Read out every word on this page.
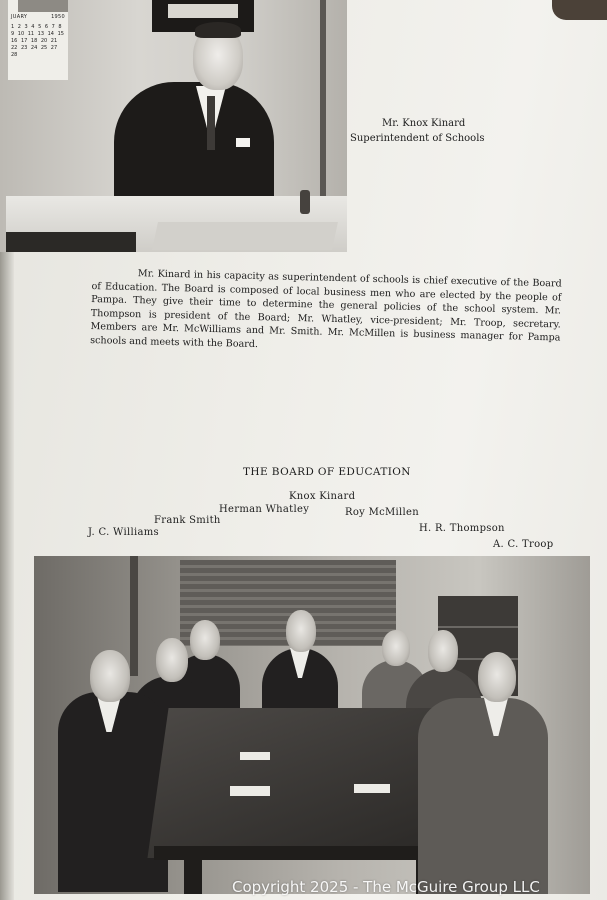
JUARY	1950
1 2 3 4 5 6 7 8 9 10 11 13 14 15 16 17 18 20 21 22 23 24 25 27 28
Mr. Knox Kinard
Superintendent of Schools
Mr. Kinard in his capacity as superintendent of schools is chief executive of the Board of Education. The Board is composed of local business men who are elected by the people of Pampa. They give their time to determine the general policies of the school system. Mr. Thompson is president of the Board; Mr. Whatley, vice-president; Mr. Troop, secretary. Members are Mr. McWilliams and Mr. Smith. Mr. McMillen is business manager for Pampa schools and meets with the Board.
THE BOARD OF EDUCATION
Knox Kinard
Herman Whatley	Roy McMillen
Frank Smith
H. R. Thompson
J. C. Williams
A. C. Troop
Copyright 2025 - The McGuire Group LLC
